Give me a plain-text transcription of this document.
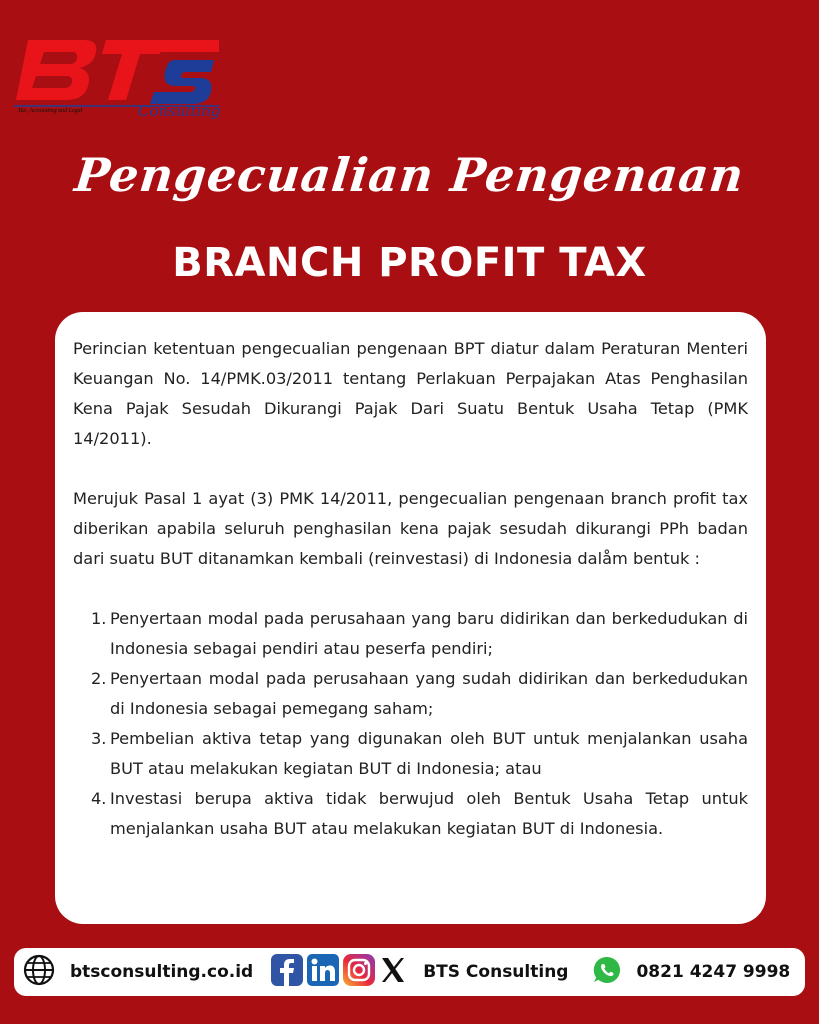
Tax, Accounting and Legal	Consulting
Pengecualian Pengenaan
BRANCH PROFIT TAX

Perincian ketentuan pengecualian pengenaan BPT diatur dalam Peraturan Menteri Keuangan No. 14/PMK.03/2011 tentang Perlakuan Perpajakan Atas Penghasilan Kena Pajak Sesudah Dikurangi Pajak Dari Suatu Bentuk Usaha Tetap (PMK 14/2011).

Merujuk Pasal 1 ayat (3) PMK 14/2011, pengecualian pengenaan branch profit tax diberikan apabila seluruh penghasilan kena pajak sesudah dikurangi PPh badan dari suatu BUT ditanamkan kembali (reinvestasi) di Indonesia dalåm bentuk :

1. Penyertaan modal pada perusahaan yang baru didirikan dan berkedudukan di Indonesia sebagai pendiri atau peserfa pendiri;
2. Penyertaan modal pada perusahaan yang sudah didirikan dan berkedudukan di Indonesia sebagai pemegang saham;
3. Pembelian aktiva tetap yang digunakan oleh BUT untuk menjalankan usaha BUT atau melakukan kegiatan BUT di Indonesia; atau
4. Investasi berupa aktiva tidak berwujud oleh Bentuk Usaha Tetap untuk menjalankan usaha BUT atau melakukan kegiatan BUT di Indonesia.
btsconsulting.co.id	BTS Consulting	0821 4247 9998
